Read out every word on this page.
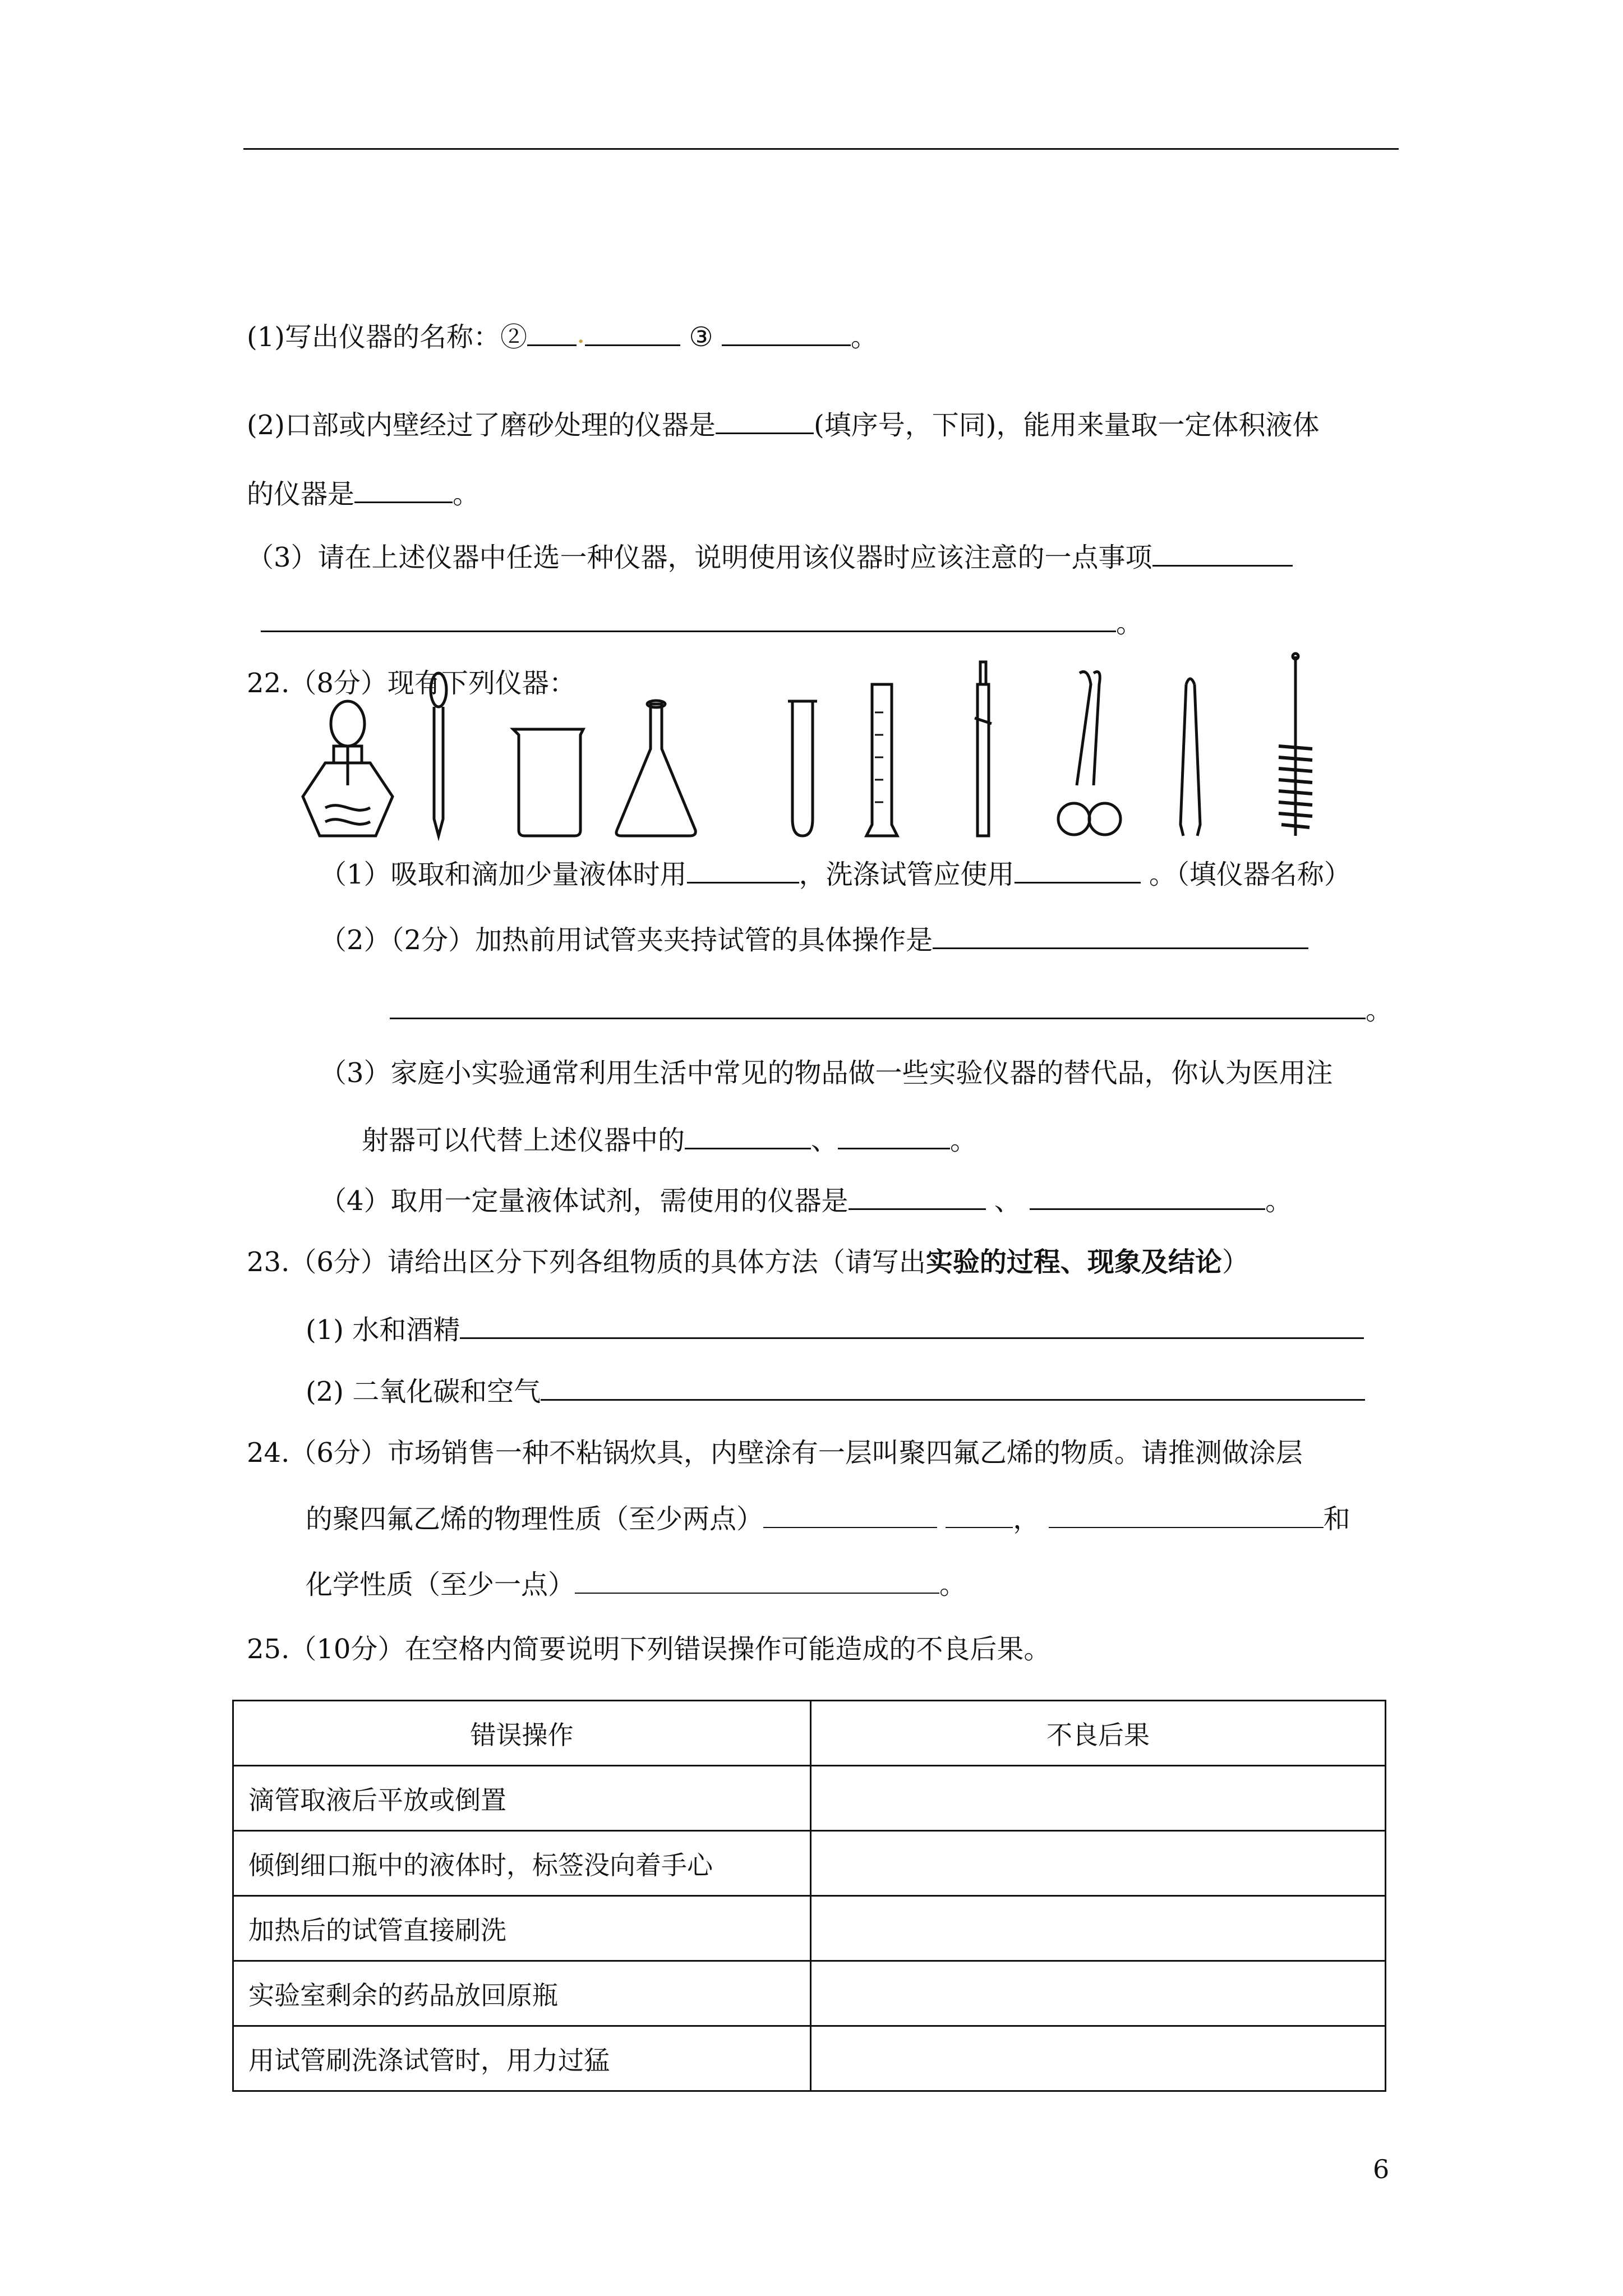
(1)写出仪器的名称：② .	③	。
(2)口部或内壁经过了磨砂处理的仪器是	(填序号，下同)，能用来量取一定体积液体
的仪器是	。
（3）请在上述仪器中任选一种仪器，说明使用该仪器时应该注意的一点事项
。
22.（8分）现有下列仪器：
（1）吸取和滴加少量液体时用	，洗涤试管应使用	。（填仪器名称）
（2）（2分）加热前用试管夹夹持试管的具体操作是
。
（3）家庭小实验通常利用生活中常见的物品做一些实验仪器的替代品，你认为医用注
射器可以代替上述仪器中的	、	。
（4）取用一定量液体试剂，需使用的仪器是	、	。
23.（6分）请给出区分下列各组物质的具体方法（请写出实验的过程、现象及结论）
(1) 水和酒精
(2) 二氧化碳和空气
24.（6分）市场销售一种不粘锅炊具，内壁涂有一层叫聚四氟乙烯的物质。请推测做涂层
的聚四氟乙烯的物理性质（至少两点）	，	和
化学性质（至少一点）	。
25.（10分）在空格内简要说明下列错误操作可能造成的不良后果。
错误操作	不良后果
滴管取液后平放或倒置	
倾倒细口瓶中的液体时，标签没向着手心	
加热后的试管直接刷洗	
实验室剩余的药品放回原瓶	
用试管刷洗涤试管时，用力过猛	
6
